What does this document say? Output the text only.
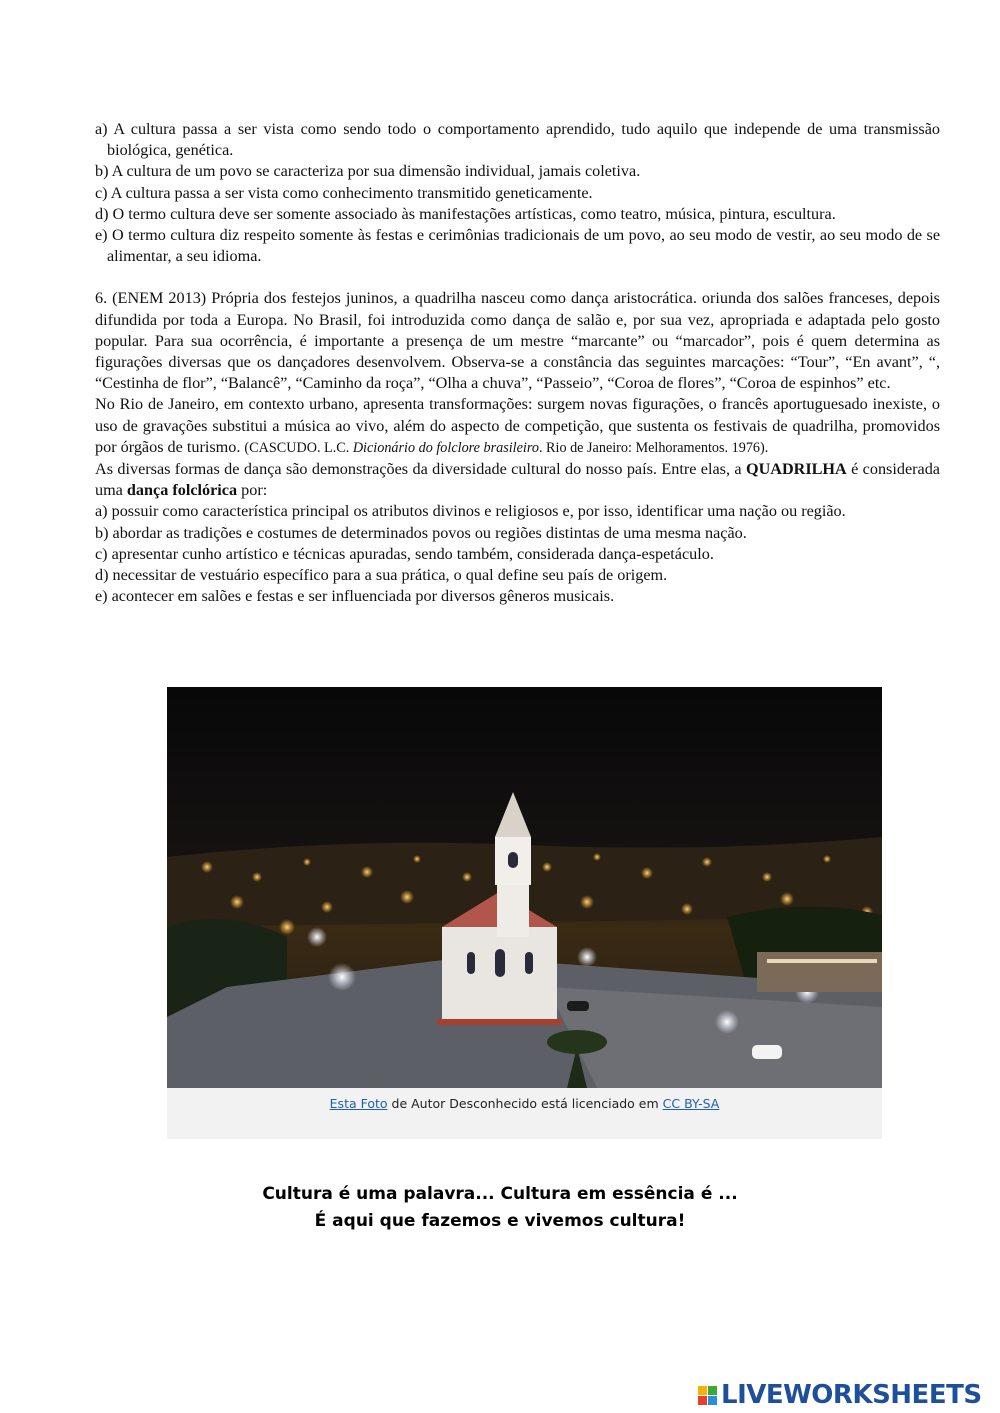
a) A cultura passa a ser vista como sendo todo o comportamento aprendido, tudo aquilo que independe de uma transmissão biológica, genética.

b) A cultura de um povo se caracteriza por sua dimensão individual, jamais coletiva.

c) A cultura passa a ser vista como conhecimento transmitido geneticamente.

d) O termo cultura deve ser somente associado às manifestações artísticas, como teatro, música, pintura, escultura.

e) O termo cultura diz respeito somente às festas e cerimônias tradicionais de um povo, ao seu modo de vestir, ao seu modo de se alimentar, a seu idioma.

6. (ENEM 2013) Própria dos festejos juninos, a quadrilha nasceu como dança aristocrática. oriunda dos salões franceses, depois difundida por toda a Europa. No Brasil, foi introduzida como dança de salão e, por sua vez, apropriada e adaptada pelo gosto popular. Para sua ocorrência, é importante a presença de um mestre “marcante” ou “marcador”, pois é quem determina as figurações diversas que os dançadores desenvolvem. Observa-se a constância das seguintes marcações: “Tour”, “En avant”, “, “Cestinha de flor”, “Balancê”, “Caminho da roça”, “Olha a chuva”, “Passeio”, “Coroa de flores”, “Coroa de espinhos” etc.

No Rio de Janeiro, em contexto urbano, apresenta transformações: surgem novas figurações, o francês aportuguesado inexiste, o uso de gravações substitui a música ao vivo, além do aspecto de competição, que sustenta os festivais de quadrilha, promovidos por órgãos de turismo. (CASCUDO. L.C. Dicionário do folclore brasileiro. Rio de Janeiro: Melhoramentos. 1976).

As diversas formas de dança são demonstrações da diversidade cultural do nosso país. Entre elas, a QUADRILHA é considerada uma dança folclórica por:

a) possuir como característica principal os atributos divinos e religiosos e, por isso, identificar uma nação ou região.

b) abordar as tradições e costumes de determinados povos ou regiões distintas de uma mesma nação.

c) apresentar cunho artístico e técnicas apuradas, sendo também, considerada dança-espetáculo.

d) necessitar de vestuário específico para a sua prática, o qual define seu país de origem.

e) acontecer em salões e festas e ser influenciada por diversos gêneros musicais.

Esta Foto de Autor Desconhecido está licenciado em CC BY-SA
Cultura é uma palavra... Cultura em essência é ...
É aqui que fazemos e vivemos cultura!
LIVEWORKSHEETS
